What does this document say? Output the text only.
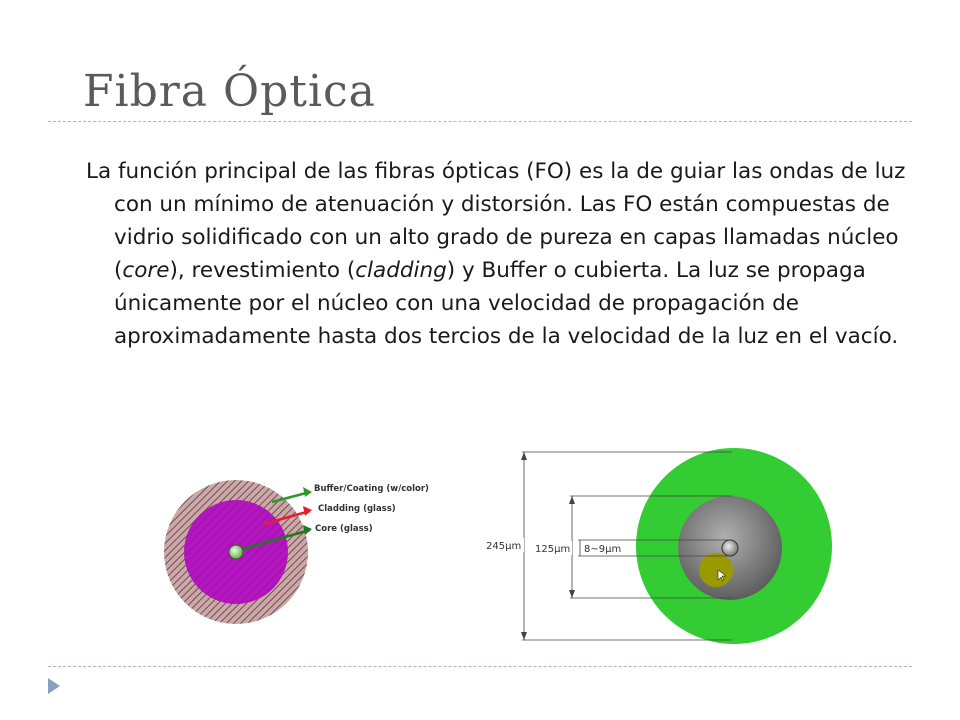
Fibra Óptica
La función principal de las fibras ópticas (FO) es la de guiar las ondas de luz con un mínimo de atenuación y distorsión. Las FO están compuestas de vidrio solidificado con un alto grado de pureza en capas llamadas núcleo (core), revestimiento (cladding) y Buffer o cubierta. La luz se propaga únicamente por el núcleo con una velocidad de propagación de aproximadamente hasta dos tercios de la velocidad de la luz en el vacío.
Buffer/Coating (w/color)
Cladding (glass)
Core (glass)
245µm 125µm 8~9µm
